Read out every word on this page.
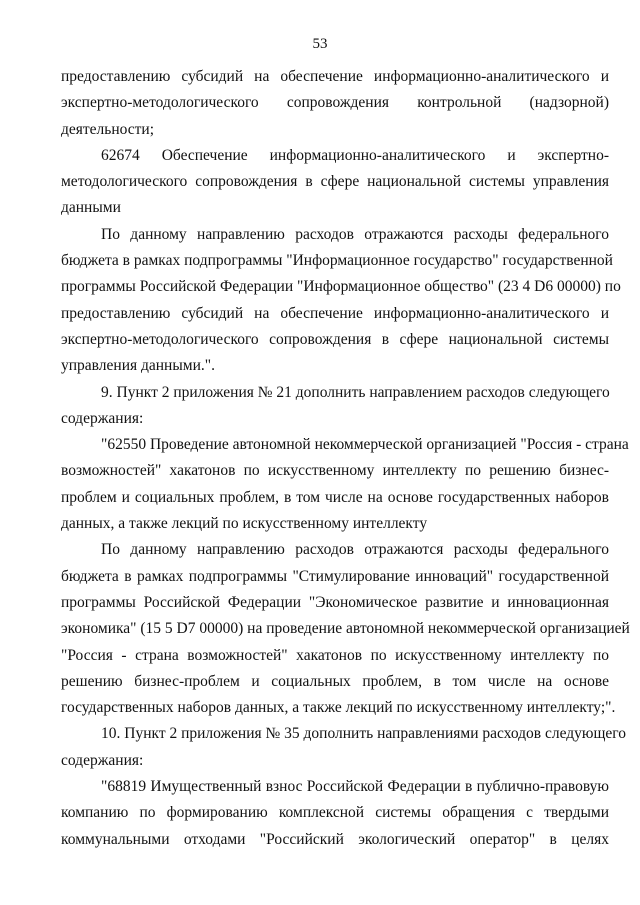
53
предоставлению субсидий на обеспечение информационно-аналитического и
экспертно-методологического сопровождения контрольной (надзорной)
деятельности;
62674 Обеспечение информационно-аналитического и экспертно-
методологического сопровождения в сфере национальной системы управления
данными
По данному направлению расходов отражаются расходы федерального
бюджета в рамках подпрограммы "Информационное государство" государственной
программы Российской Федерации "Информационное общество" (23 4 D6 00000) по
предоставлению субсидий на обеспечение информационно-аналитического и
экспертно-методологического сопровождения в сфере национальной системы
управления данными.".
9. Пункт 2 приложения № 21 дополнить направлением расходов следующего
содержания:
"62550 Проведение автономной некоммерческой организацией "Россия - страна
возможностей" хакатонов по искусственному интеллекту по решению бизнес-
проблем и социальных проблем, в том числе на основе государственных наборов
данных, а также лекций по искусственному интеллекту
По данному направлению расходов отражаются расходы федерального
бюджета в рамках подпрограммы "Стимулирование инноваций" государственной
программы Российской Федерации "Экономическое развитие и инновационная
экономика" (15 5 D7 00000) на проведение автономной некоммерческой организацией
"Россия - страна возможностей" хакатонов по искусственному интеллекту по
решению бизнес-проблем и социальных проблем, в том числе на основе
государственных наборов данных, а также лекций по искусственному интеллекту;".
10. Пункт 2 приложения № 35 дополнить направлениями расходов следующего
содержания:
"68819 Имущественный взнос Российской Федерации в публично-правовую
компанию по формированию комплексной системы обращения с твердыми
коммунальными отходами "Российский экологический оператор" в целях
